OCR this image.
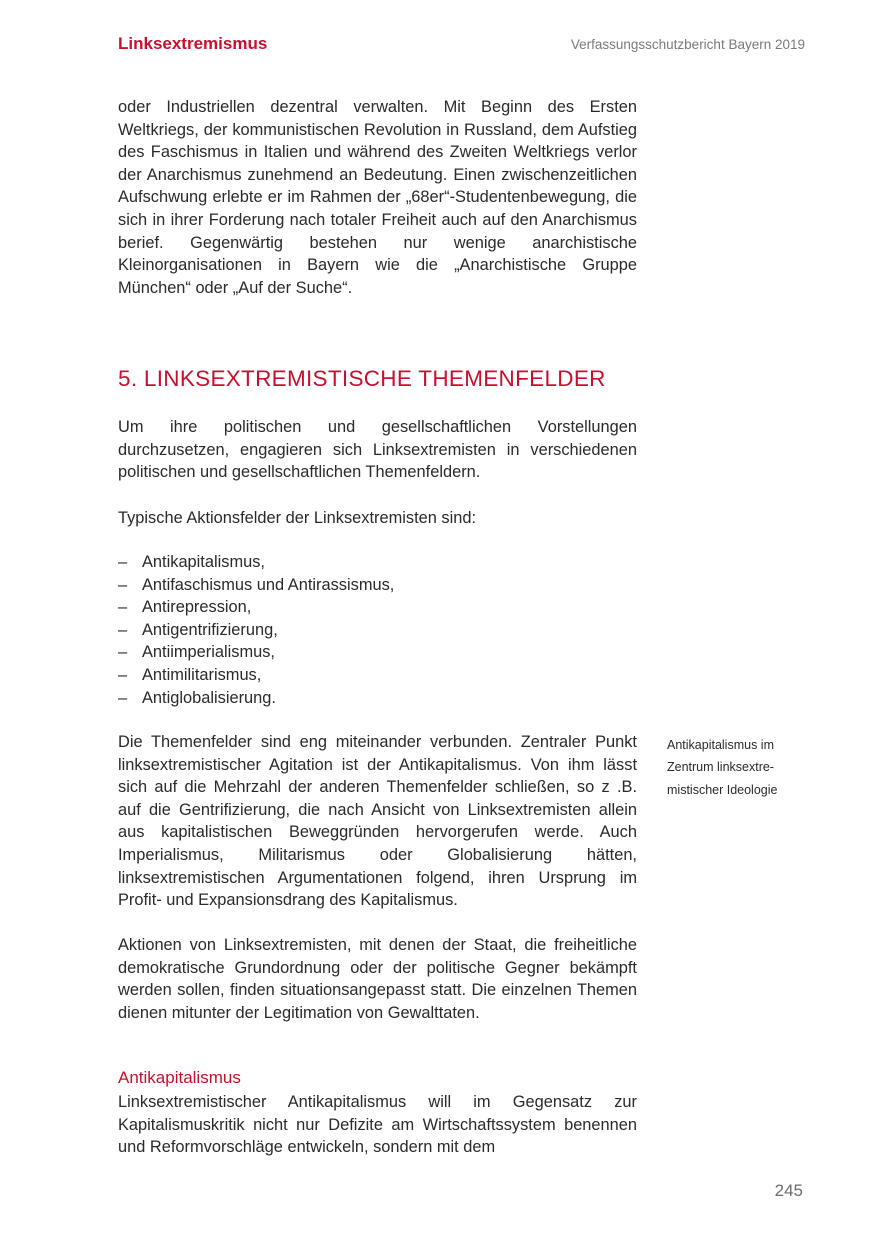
Linksextremismus	Verfassungsschutzbericht Bayern 2019

oder Industriellen dezentral verwalten. Mit Beginn des Ersten Weltkriegs, der kommunistischen Revolution in Russland, dem Aufstieg des Faschismus in Italien und während des Zweiten Weltkriegs verlor der Anarchismus zunehmend an Bedeutung. Einen zwischenzeitlichen Aufschwung erlebte er im Rahmen der „68er“-Studentenbewegung, die sich in ihrer Forderung nach totaler Freiheit auch auf den Anarchismus berief. Gegenwärtig bestehen nur wenige anarchistische Kleinorganisationen in Bayern wie die „Anarchistische Gruppe München“ oder „Auf der Suche“.

5. LINKSEXTREMISTISCHE THEMENFELDER

Um ihre politischen und gesellschaftlichen Vorstellungen durchzusetzen, engagieren sich Linksextremisten in verschiedenen politischen und gesellschaftlichen Themenfeldern.

Typische Aktionsfelder der Linksextremisten sind:

– Antikapitalismus,
– Antifaschismus und Antirassismus,
– Antirepression,
– Antigentrifizierung,
– Antiimperialismus,
– Antimilitarismus,
– Antiglobalisierung.

Die Themenfelder sind eng miteinander verbunden. Zentraler Punkt linksextremistischer Agitation ist der Antikapitalismus. Von ihm lässt sich auf die Mehrzahl der anderen Themenfelder schließen, so z .B. auf die Gentrifizierung, die nach Ansicht von Linksextremisten allein aus kapitalistischen Beweggründen hervorgerufen werde. Auch Imperialismus, Militarismus oder Globalisierung hätten, linksextremistischen Argumentationen folgend, ihren Ursprung im Profit- und Expansionsdrang des Kapitalismus.

Antikapitalismus im
Zentrum linksextre-
mistischer Ideologie

Aktionen von Linksextremisten, mit denen der Staat, die freiheitliche demokratische Grundordnung oder der politische Gegner bekämpft werden sollen, finden situationsangepasst statt. Die einzelnen Themen dienen mitunter der Legitimation von Gewalttaten.

Antikapitalismus

Linksextremistischer Antikapitalismus will im Gegensatz zur Kapitalismuskritik nicht nur Defizite am Wirtschaftssystem benennen und Reformvorschläge entwickeln, sondern mit dem

245
